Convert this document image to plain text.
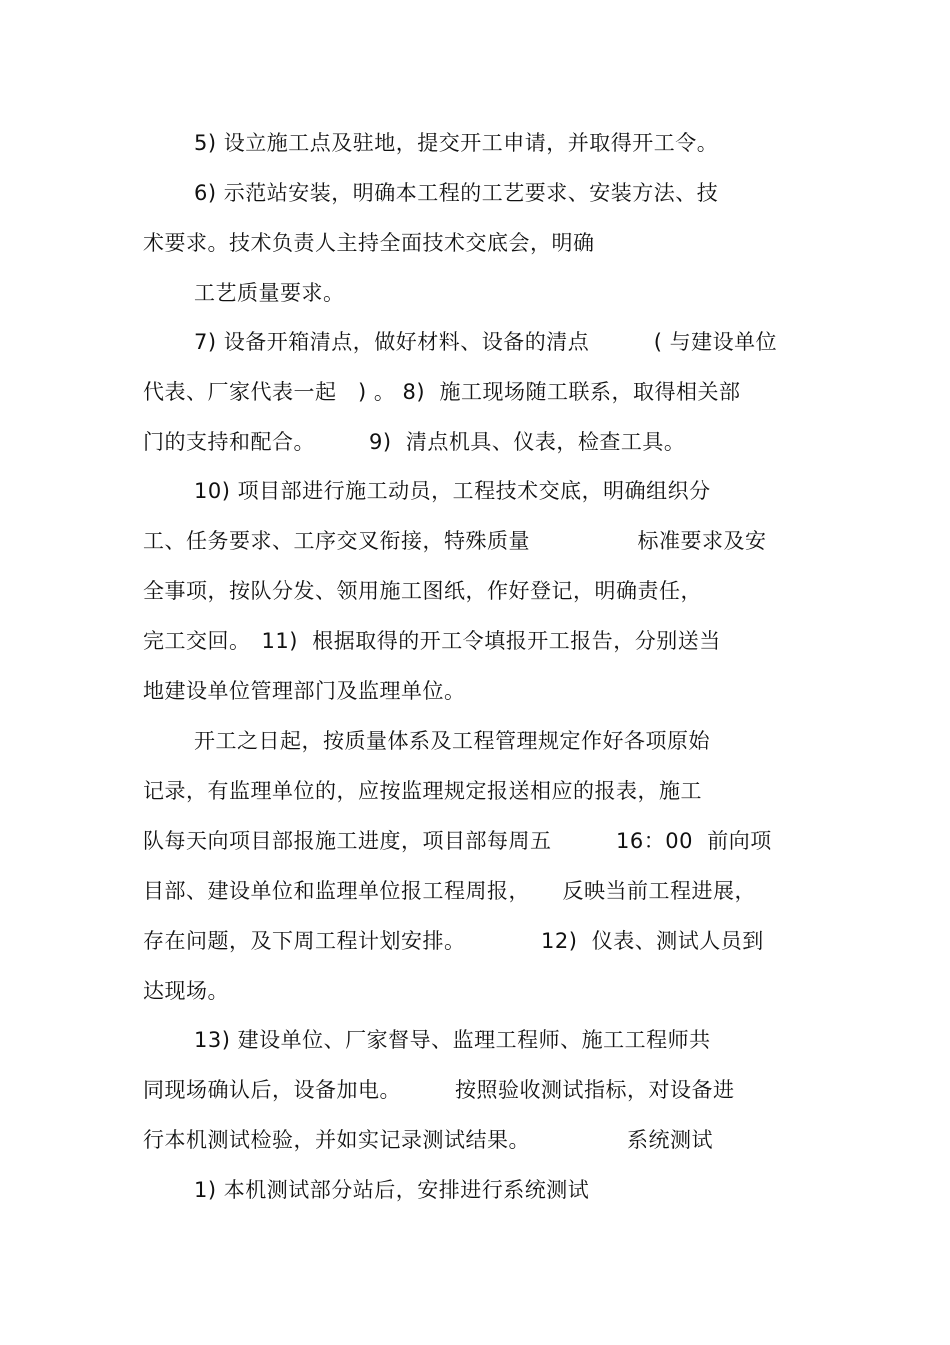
5) 设立施工点及驻地，提交开工申请，并取得开工令。
6) 示范站安装，明确本工程的工艺要求、安装方法、技
术要求。技术负责人主持全面技术交底会，明确
工艺质量要求。
7) 设备开箱清点，做好材料、设备的清点　　　( 与建设单位
代表、厂家代表一起　) 。 8)  施工现场随工联系，取得相关部
门的支持和配合。　　　9)  清点机具、仪表，检查工具。
10) 项目部进行施工动员，工程技术交底，明确组织分
工、任务要求、工序交叉衔接，特殊质量　　　　　标准要求及安
全事项，按队分发、领用施工图纸，作好登记，明确责任，
完工交回。　11)  根据取得的开工令填报开工报告，分别送当
地建设单位管理部门及监理单位。
开工之日起，按质量体系及工程管理规定作好各项原始
记录，有监理单位的，应按监理规定报送相应的报表，施工
队每天向项目部报施工进度，项目部每周五　　　16：00  前向项
目部、建设单位和监理单位报工程周报，　　反映当前工程进展，
存在问题，及下周工程计划安排。　　　　12)  仪表、测试人员到
达现场。
13) 建设单位、厂家督导、监理工程师、施工工程师共
同现场确认后，设备加电。　　　按照验收测试指标，对设备进
行本机测试检验，并如实记录测试结果。　　　　　系统测试
1) 本机测试部分站后，安排进行系统测试
